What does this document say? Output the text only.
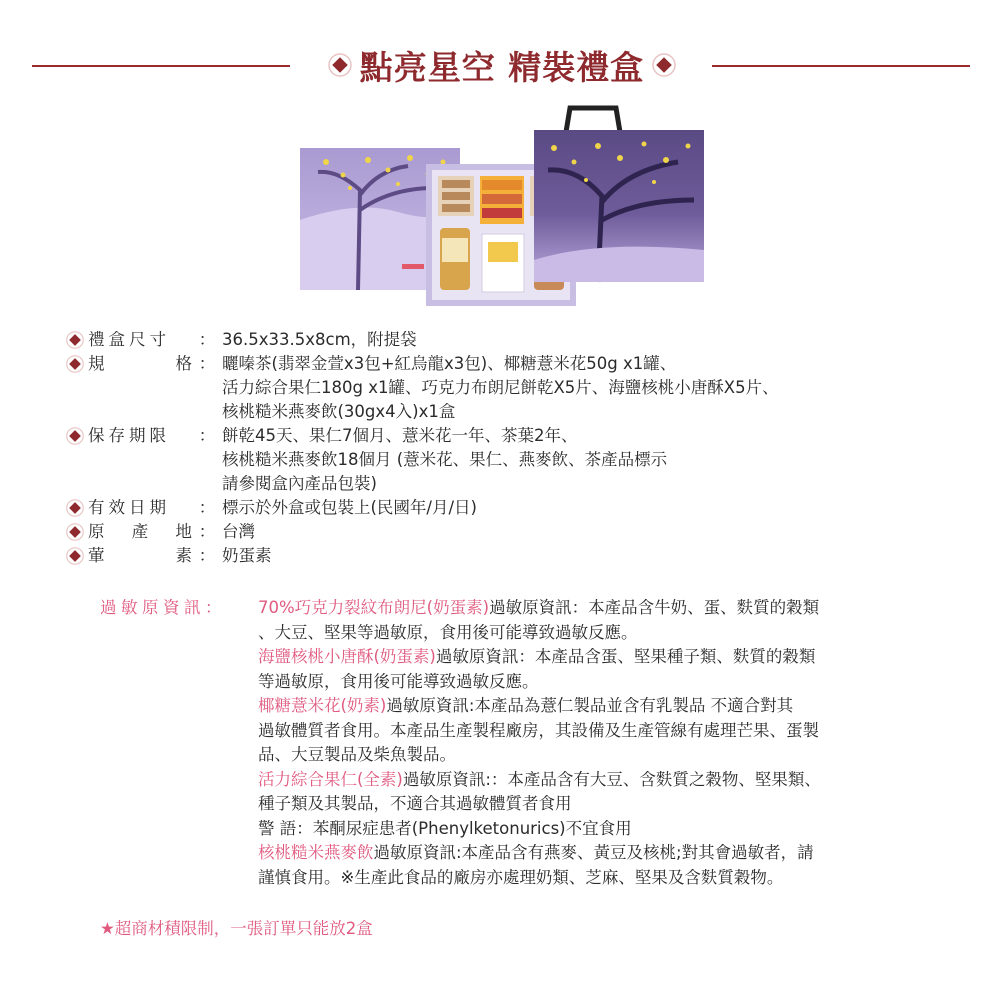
點亮星空 精裝禮盒
禮盒尺寸	： 36.5x33.5x8cm，附提袋
規	格 ： 曬嗪茶(翡翠金萱x3包+紅烏龍x3包)、椰糖薏米花50g x1罐、
活力綜合果仁180g x1罐、巧克力布朗尼餅乾X5片、海鹽核桃小唐酥X5片、
核桃糙米燕麥飲(30gx4入)x1盒
保存期限	： 餅乾45天、果仁7個月、薏米花一年、茶葉2年、
核桃糙米燕麥飲18個月 (薏米花、果仁、燕麥飲、茶產品標示
請參閱盒內產品包裝)
有效日期	： 標示於外盒或包裝上(民國年/月/日)
原 產 地 ： 台灣
葷	素 ： 奶蛋素
過敏原資訊：	70%巧克力裂紋布朗尼(奶蛋素)過敏原資訊：本產品含牛奶、蛋、麩質的穀類
、大豆、堅果等過敏原，食用後可能導致過敏反應。
海鹽核桃小唐酥(奶蛋素)過敏原資訊：本產品含蛋、堅果種子類、麩質的穀類
等過敏原，食用後可能導致過敏反應。
椰糖薏米花(奶素)過敏原資訊:本產品為薏仁製品並含有乳製品 不適合對其
過敏體質者食用。本產品生產製程廠房，其設備及生產管線有處理芒果、蛋製
品、大豆製品及柴魚製品。
活力綜合果仁(全素)過敏原資訊:：本產品含有大豆、含麩質之穀物、堅果類、
種子類及其製品，不適合其過敏體質者食用
警 語：苯酮尿症患者(Phenylketonurics)不宜食用
核桃糙米燕麥飲過敏原資訊:本產品含有燕麥、黃豆及核桃;對其會過敏者，請
謹慎食用。※生產此食品的廠房亦處理奶類、芝麻、堅果及含麩質穀物。
★超商材積限制，一張訂單只能放2盒
